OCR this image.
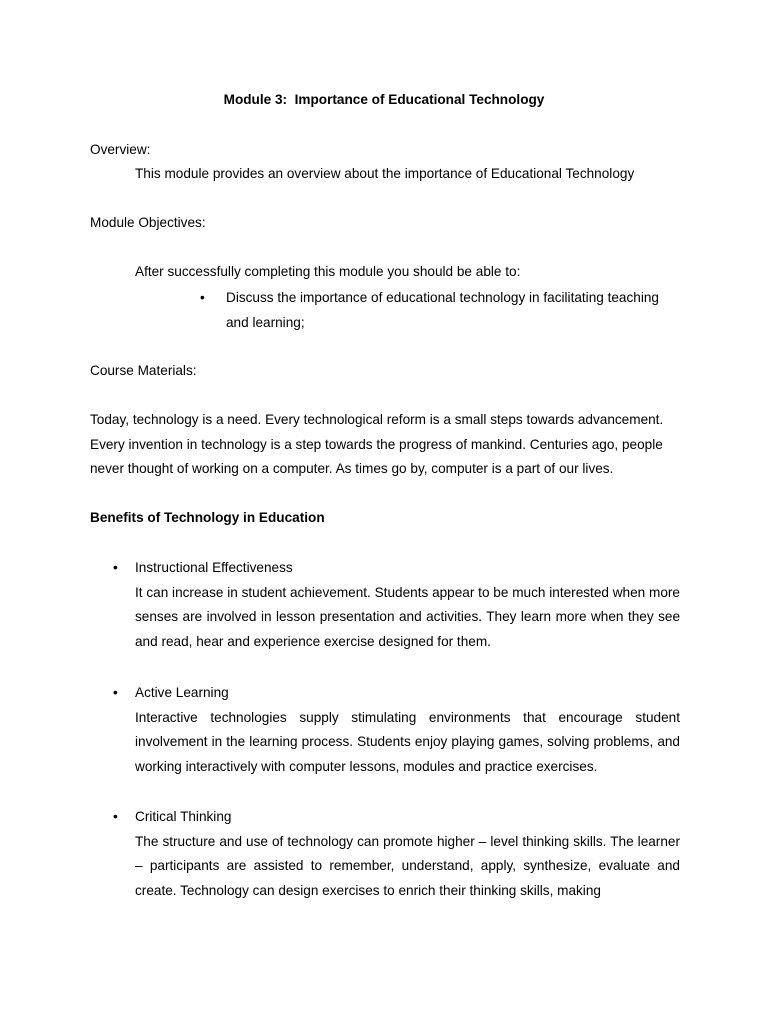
Module 3:  Importance of Educational Technology

Overview:

This module provides an overview about the importance of Educational Technology

Module Objectives:

After successfully completing this module you should be able to:

•	Discuss the importance of educational technology in facilitating teaching and learning;

Course Materials:

Today, technology is a need. Every technological reform is a small steps towards advancement. Every invention in technology is a step towards the progress of mankind. Centuries ago, people never thought of working on a computer. As times go by, computer is a part of our lives.

Benefits of Technology in Education

•	Instructional Effectiveness

It can increase in student achievement. Students appear to be much interested when more senses are involved in lesson presentation and activities. They learn more when they see and read, hear and experience exercise designed for them.

•	Active Learning

Interactive technologies supply stimulating environments that encourage student involvement in the learning process. Students enjoy playing games, solving problems, and working interactively with computer lessons, modules and practice exercises.

•	Critical Thinking

The structure and use of technology can promote higher – level thinking skills. The learner – participants are assisted to remember, understand, apply, synthesize, evaluate and create. Technology can design exercises to enrich their thinking skills, making
